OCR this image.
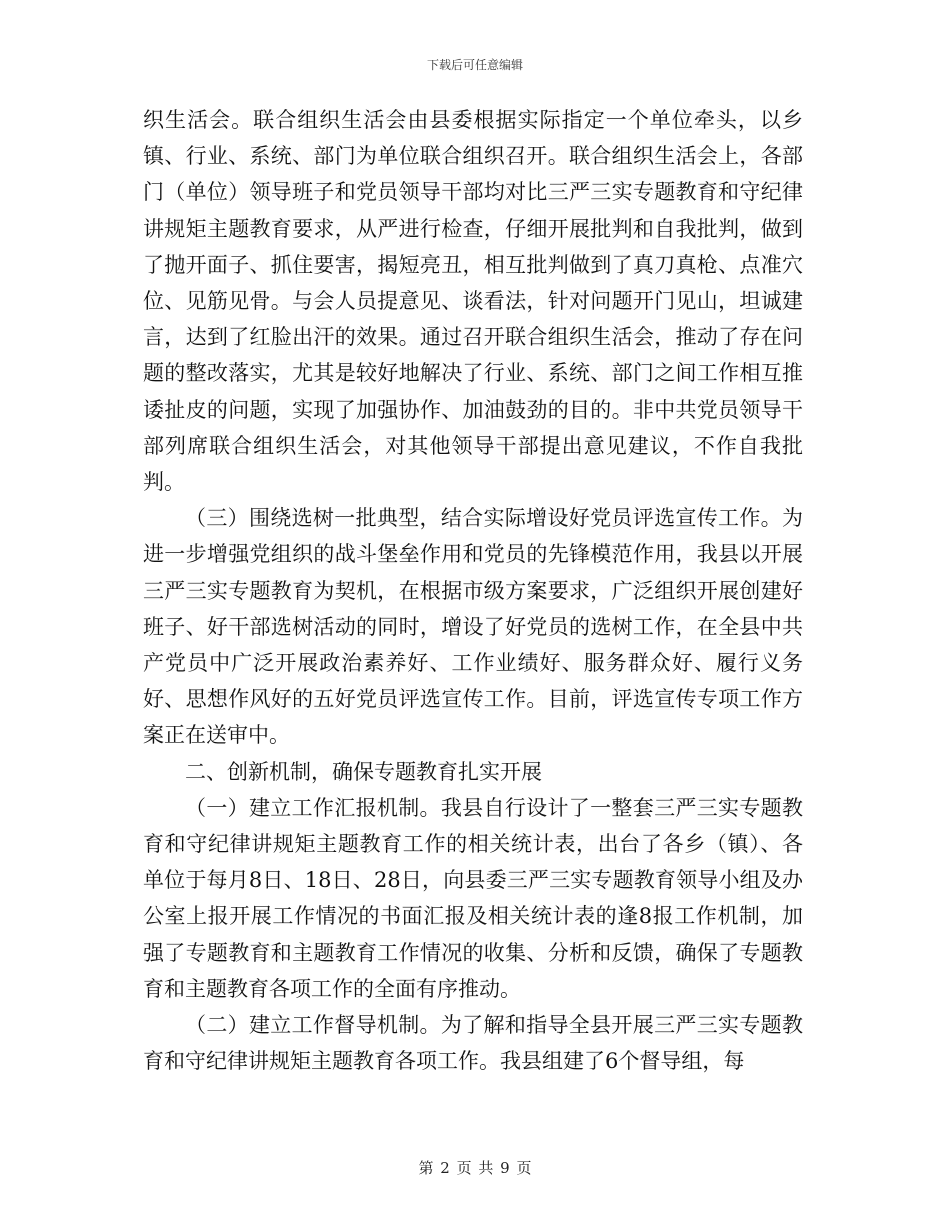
下载后可任意编辑

织生活会。联合组织生活会由县委根据实际指定一个单位牵头，以乡镇、行业、系统、部门为单位联合组织召开。联合组织生活会上，各部门（单位）领导班子和党员领导干部均对比三严三实专题教育和守纪律讲规矩主题教育要求，从严进行检查，仔细开展批判和自我批判，做到了抛开面子、抓住要害，揭短亮丑，相互批判做到了真刀真枪、点准穴位、见筋见骨。与会人员提意见、谈看法，针对问题开门见山，坦诚建言，达到了红脸出汗的效果。通过召开联合组织生活会，推动了存在问题的整改落实，尤其是较好地解决了行业、系统、部门之间工作相互推诿扯皮的问题，实现了加强协作、加油鼓劲的目的。非中共党员领导干部列席联合组织生活会，对其他领导干部提出意见建议，不作自我批判。

（三）围绕选树一批典型，结合实际增设好党员评选宣传工作。为进一步增强党组织的战斗堡垒作用和党员的先锋模范作用，我县以开展三严三实专题教育为契机，在根据市级方案要求，广泛组织开展创建好班子、好干部选树活动的同时，增设了好党员的选树工作，在全县中共产党员中广泛开展政治素养好、工作业绩好、服务群众好、履行义务好、思想作风好的五好党员评选宣传工作。目前，评选宣传专项工作方案正在送审中。

二、创新机制，确保专题教育扎实开展

（一）建立工作汇报机制。我县自行设计了一整套三严三实专题教育和守纪律讲规矩主题教育工作的相关统计表，出台了各乡（镇）、各单位于每月8日、18日、28日，向县委三严三实专题教育领导小组及办公室上报开展工作情况的书面汇报及相关统计表的逢8报工作机制，加强了专题教育和主题教育工作情况的收集、分析和反馈，确保了专题教育和主题教育各项工作的全面有序推动。

（二）建立工作督导机制。为了解和指导全县开展三严三实专题教育和守纪律讲规矩主题教育各项工作。我县组建了6个督导组，每

第 2 页 共 9 页
